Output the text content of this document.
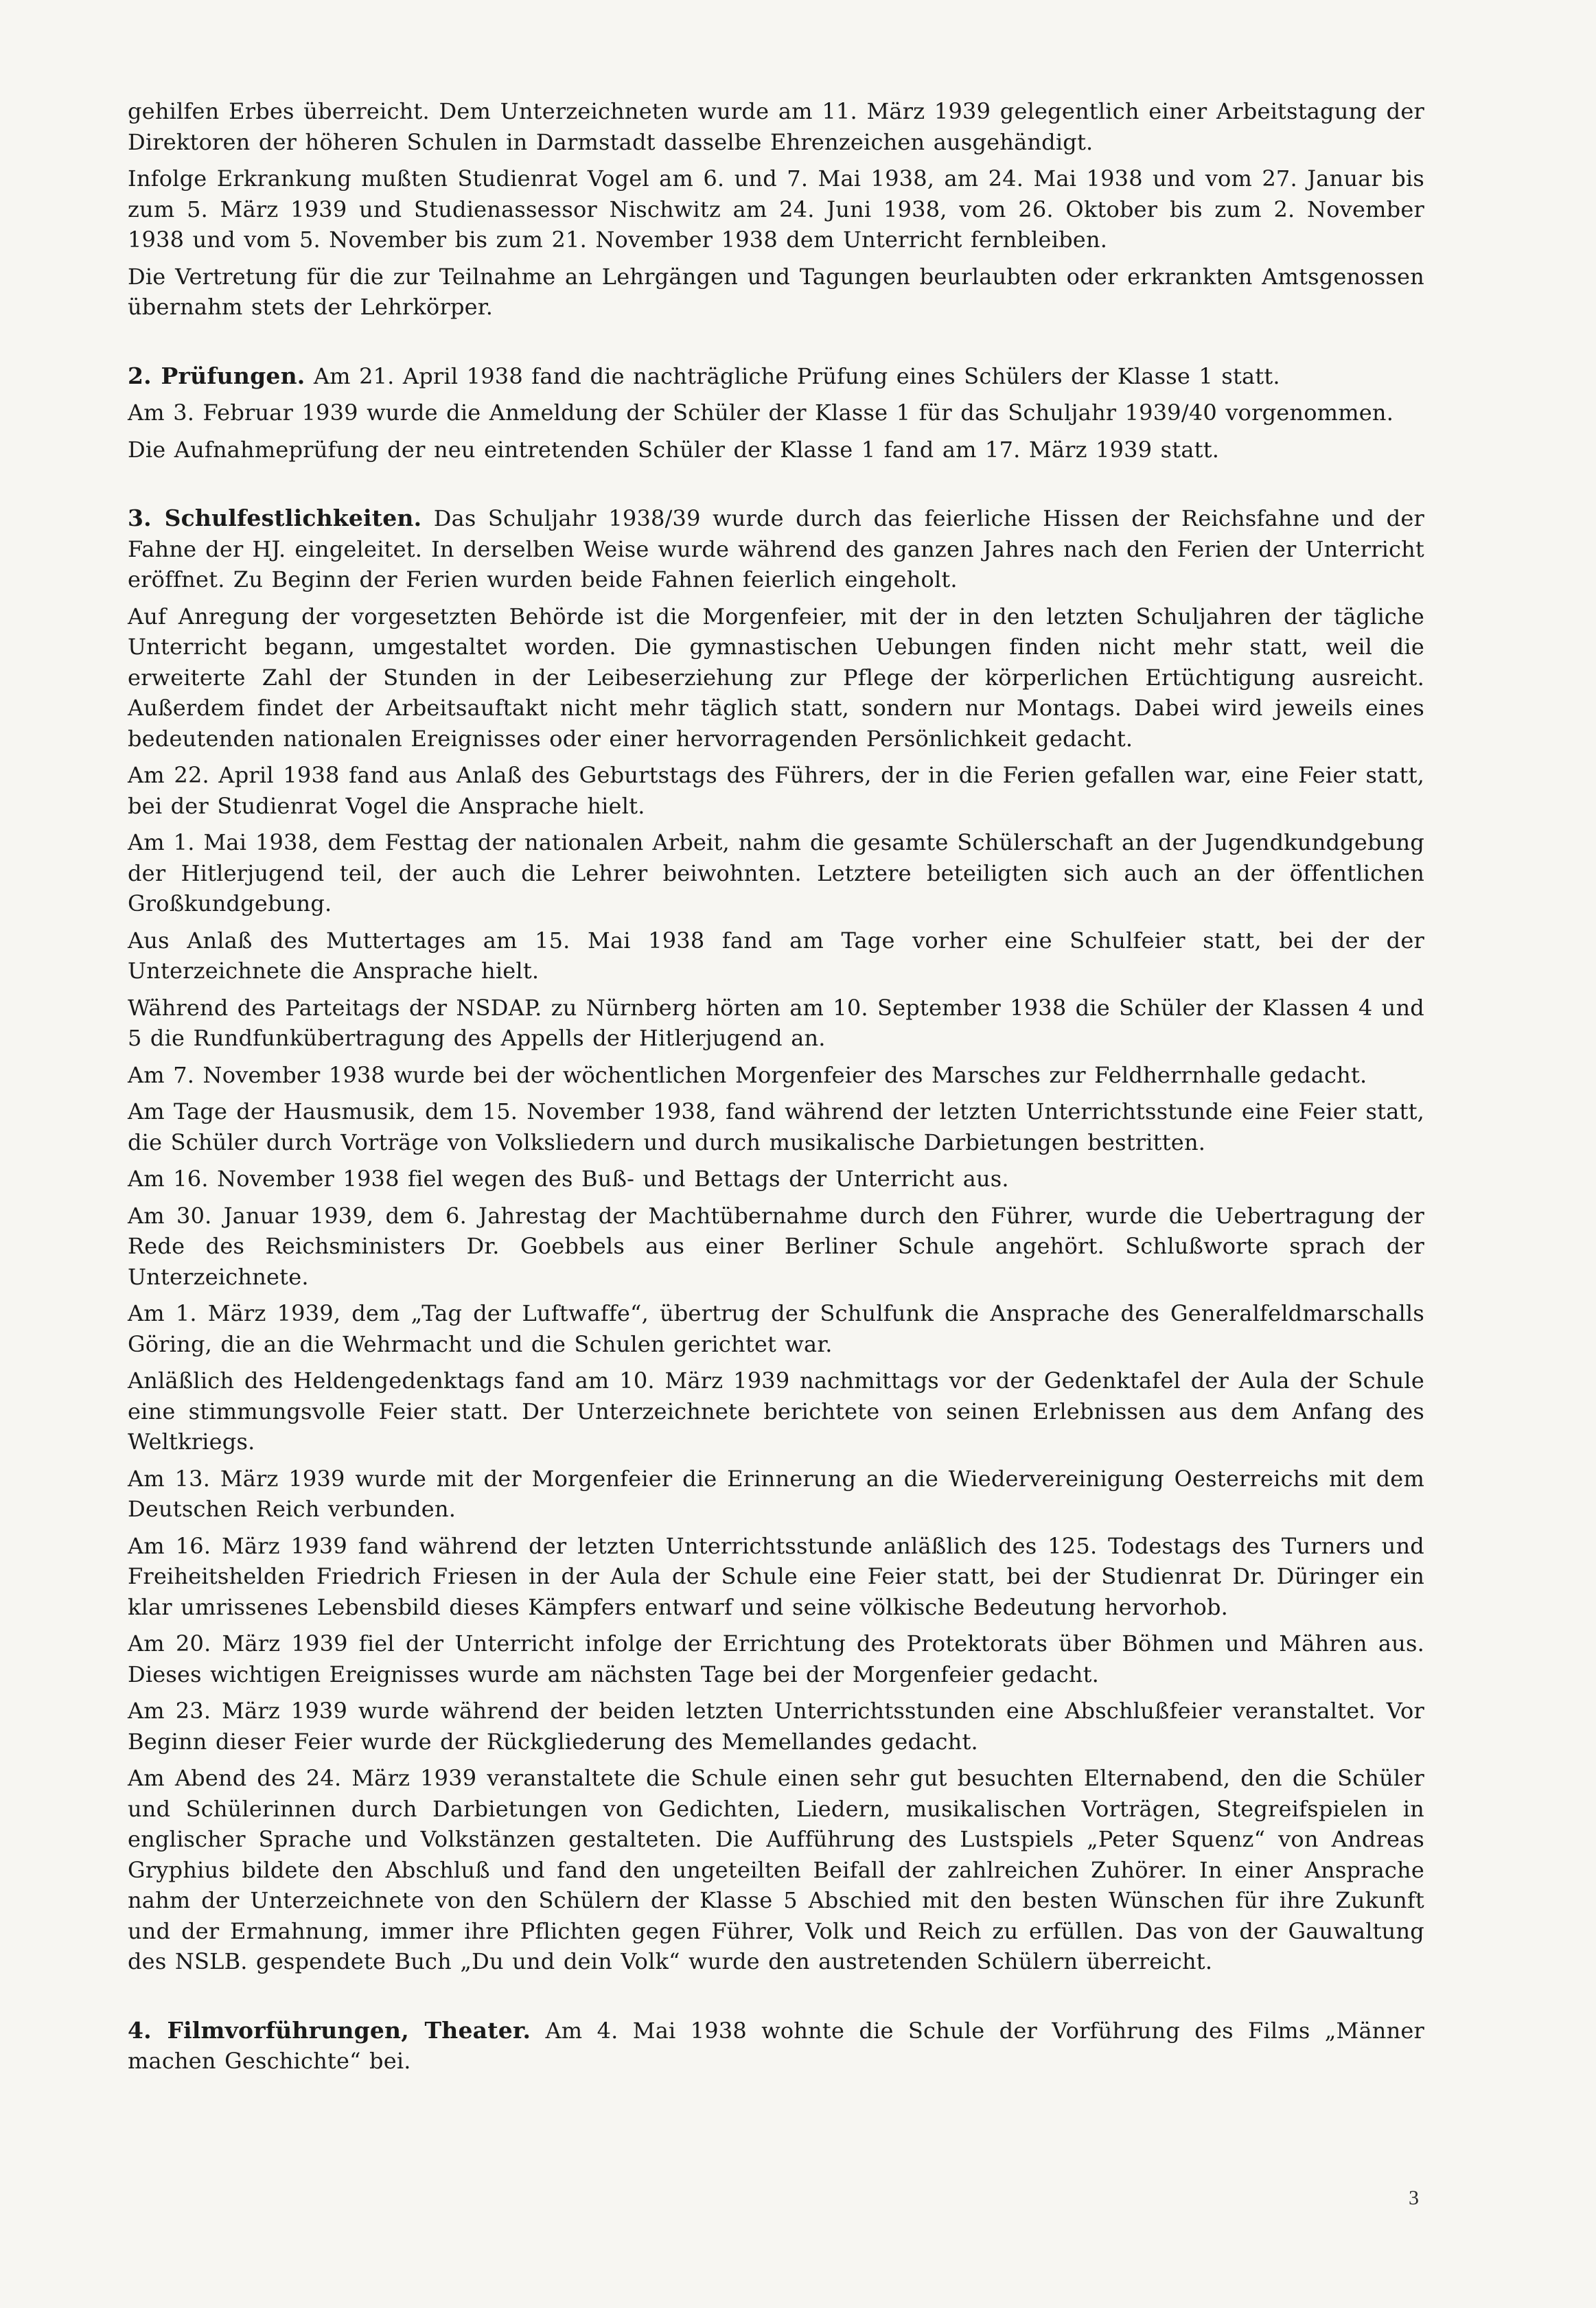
gehilfen Erbes überreicht. Dem Unterzeichneten wurde am 11. März 1939 gelegentlich einer Arbeitstagung der Direktoren der höheren Schulen in Darmstadt dasselbe Ehrenzeichen ausgehändigt.

Infolge Erkrankung mußten Studienrat Vogel am 6. und 7. Mai 1938, am 24. Mai 1938 und vom 27. Januar bis zum 5. März 1939 und Studienassessor Nischwitz am 24. Juni 1938, vom 26. Oktober bis zum 2. November 1938 und vom 5. November bis zum 21. November 1938 dem Unterricht fernbleiben.

Die Vertretung für die zur Teilnahme an Lehrgängen und Tagungen beurlaubten oder erkrankten Amtsgenossen übernahm stets der Lehrkörper.

2. Prüfungen. Am 21. April 1938 fand die nachträgliche Prüfung eines Schülers der Klasse 1 statt.

Am 3. Februar 1939 wurde die Anmeldung der Schüler der Klasse 1 für das Schuljahr 1939/40 vorgenommen.

Die Aufnahmeprüfung der neu eintretenden Schüler der Klasse 1 fand am 17. März 1939 statt.

3. Schulfestlichkeiten. Das Schuljahr 1938/39 wurde durch das feierliche Hissen der Reichsfahne und der Fahne der HJ. eingeleitet. In derselben Weise wurde während des ganzen Jahres nach den Ferien der Unterricht eröffnet. Zu Beginn der Ferien wurden beide Fahnen feierlich eingeholt.

Auf Anregung der vorgesetzten Behörde ist die Morgenfeier, mit der in den letzten Schuljahren der tägliche Unterricht begann, umgestaltet worden. Die gymnastischen Uebungen finden nicht mehr statt, weil die erweiterte Zahl der Stunden in der Leibeserziehung zur Pflege der körperlichen Ertüchtigung ausreicht. Außerdem findet der Arbeitsauftakt nicht mehr täglich statt, sondern nur Montags. Dabei wird jeweils eines bedeutenden nationalen Ereignisses oder einer hervorragenden Persönlichkeit gedacht.

Am 22. April 1938 fand aus Anlaß des Geburtstags des Führers, der in die Ferien gefallen war, eine Feier statt, bei der Studienrat Vogel die Ansprache hielt.

Am 1. Mai 1938, dem Festtag der nationalen Arbeit, nahm die gesamte Schülerschaft an der Jugendkundgebung der Hitlerjugend teil, der auch die Lehrer beiwohnten. Letztere beteiligten sich auch an der öffentlichen Großkundgebung.

Aus Anlaß des Muttertages am 15. Mai 1938 fand am Tage vorher eine Schulfeier statt, bei der der Unterzeichnete die Ansprache hielt.

Während des Parteitags der NSDAP. zu Nürnberg hörten am 10. September 1938 die Schüler der Klassen 4 und 5 die Rundfunkübertragung des Appells der Hitlerjugend an.

Am 7. November 1938 wurde bei der wöchentlichen Morgenfeier des Marsches zur Feldherrnhalle gedacht.

Am Tage der Hausmusik, dem 15. November 1938, fand während der letzten Unterrichtsstunde eine Feier statt, die Schüler durch Vorträge von Volksliedern und durch musikalische Darbietungen bestritten.

Am 16. November 1938 fiel wegen des Buß- und Bettags der Unterricht aus.

Am 30. Januar 1939, dem 6. Jahrestag der Machtübernahme durch den Führer, wurde die Uebertragung der Rede des Reichsministers Dr. Goebbels aus einer Berliner Schule angehört. Schlußworte sprach der Unterzeichnete.

Am 1. März 1939, dem „Tag der Luftwaffe“, übertrug der Schulfunk die Ansprache des Generalfeldmarschalls Göring, die an die Wehrmacht und die Schulen gerichtet war.

Anläßlich des Heldengedenktags fand am 10. März 1939 nachmittags vor der Gedenktafel der Aula der Schule eine stimmungsvolle Feier statt. Der Unterzeichnete berichtete von seinen Erlebnissen aus dem Anfang des Weltkriegs.

Am 13. März 1939 wurde mit der Morgenfeier die Erinnerung an die Wiedervereinigung Oesterreichs mit dem Deutschen Reich verbunden.

Am 16. März 1939 fand während der letzten Unterrichtsstunde anläßlich des 125. Todestags des Turners und Freiheitshelden Friedrich Friesen in der Aula der Schule eine Feier statt, bei der Studienrat Dr. Düringer ein klar umrissenes Lebensbild dieses Kämpfers entwarf und seine völkische Bedeutung hervorhob.

Am 20. März 1939 fiel der Unterricht infolge der Errichtung des Protektorats über Böhmen und Mähren aus. Dieses wichtigen Ereignisses wurde am nächsten Tage bei der Morgenfeier gedacht.

Am 23. März 1939 wurde während der beiden letzten Unterrichtsstunden eine Abschlußfeier veranstaltet. Vor Beginn dieser Feier wurde der Rückgliederung des Memellandes gedacht.

Am Abend des 24. März 1939 veranstaltete die Schule einen sehr gut besuchten Elternabend, den die Schüler und Schülerinnen durch Darbietungen von Gedichten, Liedern, musikalischen Vorträgen, Stegreifspielen in englischer Sprache und Volkstänzen gestalteten. Die Aufführung des Lustspiels „Peter Squenz“ von Andreas Gryphius bildete den Abschluß und fand den ungeteilten Beifall der zahlreichen Zuhörer. In einer Ansprache nahm der Unterzeichnete von den Schülern der Klasse 5 Abschied mit den besten Wünschen für ihre Zukunft und der Ermahnung, immer ihre Pflichten gegen Führer, Volk und Reich zu erfüllen. Das von der Gauwaltung des NSLB. gespendete Buch „Du und dein Volk“ wurde den austretenden Schülern überreicht.

4. Filmvorführungen, Theater. Am 4. Mai 1938 wohnte die Schule der Vorführung des Films „Männer machen Geschichte“ bei.

3
